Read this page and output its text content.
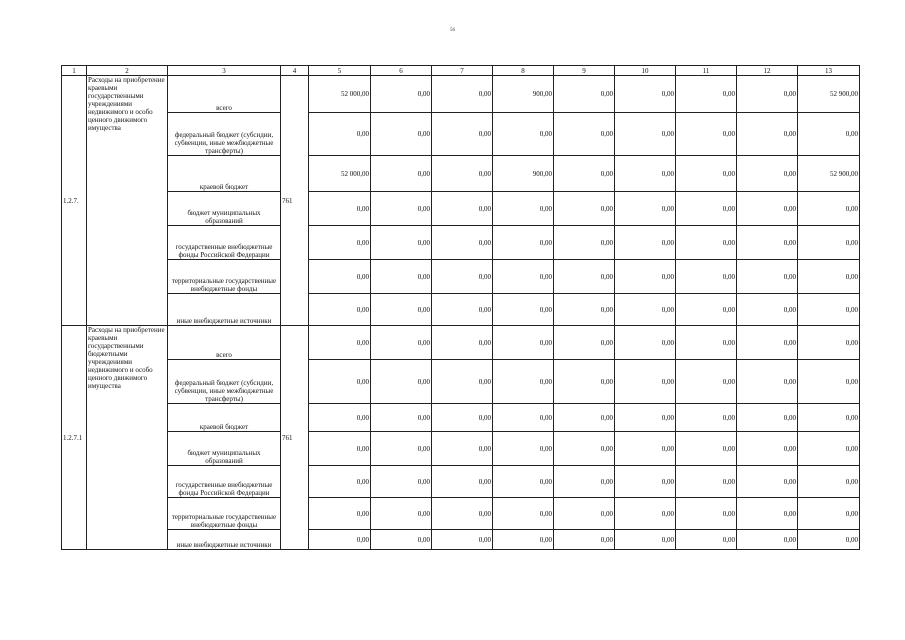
56
1	2	3	4	5	6	7	8	9	10	11	12	13
1.2.7.	Расходы на приобретение краевыми государственными учреждениями недвижимого и особо ценного движимого имущества	всего	761	52 000,00	0,00	0,00	900,00	0,00	0,00	0,00	0,00	52 900,00
		федеральный бюджет (субсидии, субвенции, иные межбюджетные трансферты)		0,00	0,00	0,00	0,00	0,00	0,00	0,00	0,00	0,00
		краевой бюджет		52 000,00	0,00	0,00	900,00	0,00	0,00	0,00	0,00	52 900,00
		бюджет муниципальных образований		0,00	0,00	0,00	0,00	0,00	0,00	0,00	0,00	0,00
		государственные внебюджетные фонды Российской Федерации		0,00	0,00	0,00	0,00	0,00	0,00	0,00	0,00	0,00
		территориальные государственные внебюджетные фонды		0,00	0,00	0,00	0,00	0,00	0,00	0,00	0,00	0,00
		иные внебюджетные источники		0,00	0,00	0,00	0,00	0,00	0,00	0,00	0,00	0,00
1.2.7.1	Расходы на приобретение краевыми государственными бюджетными учреждениями недвижимого и особо ценного движимого имущества	всего	761	0,00	0,00	0,00	0,00	0,00	0,00	0,00	0,00	0,00
		федеральный бюджет (субсидии, субвенции, иные межбюджетные трансферты)		0,00	0,00	0,00	0,00	0,00	0,00	0,00	0,00	0,00
		краевой бюджет		0,00	0,00	0,00	0,00	0,00	0,00	0,00	0,00	0,00
		бюджет муниципальных образований		0,00	0,00	0,00	0,00	0,00	0,00	0,00	0,00	0,00
		государственные внебюджетные фонды Российской Федерации		0,00	0,00	0,00	0,00	0,00	0,00	0,00	0,00	0,00
		территориальные государственные внебюджетные фонды		0,00	0,00	0,00	0,00	0,00	0,00	0,00	0,00	0,00
		иные внебюджетные источники		0,00	0,00	0,00	0,00	0,00	0,00	0,00	0,00	0,00
